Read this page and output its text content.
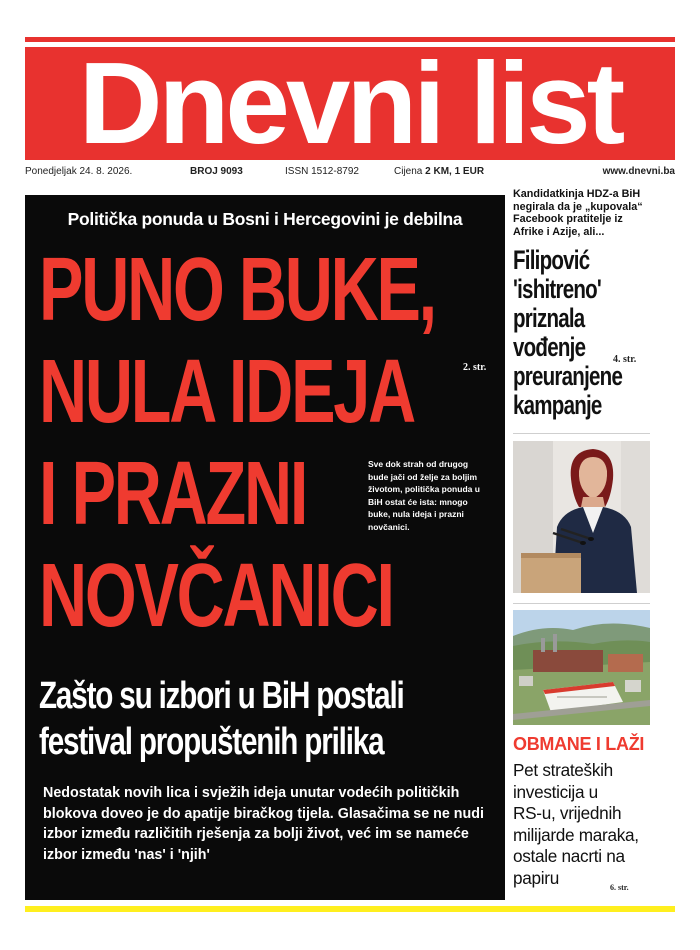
Dnevni list
Ponedjeljak 24. 8. 2026.	BROJ 9093	ISSN 1512-8792	Cijena 2 KM, 1 EUR	www.dnevni.ba
Politička ponuda u Bosni i Hercegovini je debilna
PUNO BUKE,
NULA IDEJA
I PRAZNI
NOVČANICI
2. str.
Sve dok strah od drugog bude jači od želje za boljim životom, politička ponuda u BiH ostat će ista: mnogo buke, nula ideja i prazni novčanici.
Zašto su izbori u BiH postali
festival propuštenih prilika
Nedostatak novih lica i svježih ideja unutar vodećih političkih blokova doveo je do apatije biračkog tijela. Glasačima se ne nudi izbor između različitih rješenja za bolji život, već im se nameće izbor između 'nas' i 'njih'
Kandidatkinja HDZ-a BiH negirala da je „kupovala“ Facebook pratitelje iz Afrike i Azije, ali...
Filipović
'ishitreno'
priznala
vođenje
preuranjene
kampanje
4. str.
OBMANE I LAŽI
Pet strateških
investicija u
RS-u, vrijednih
milijarde maraka,
ostale nacrti na
papiru	6. str.
